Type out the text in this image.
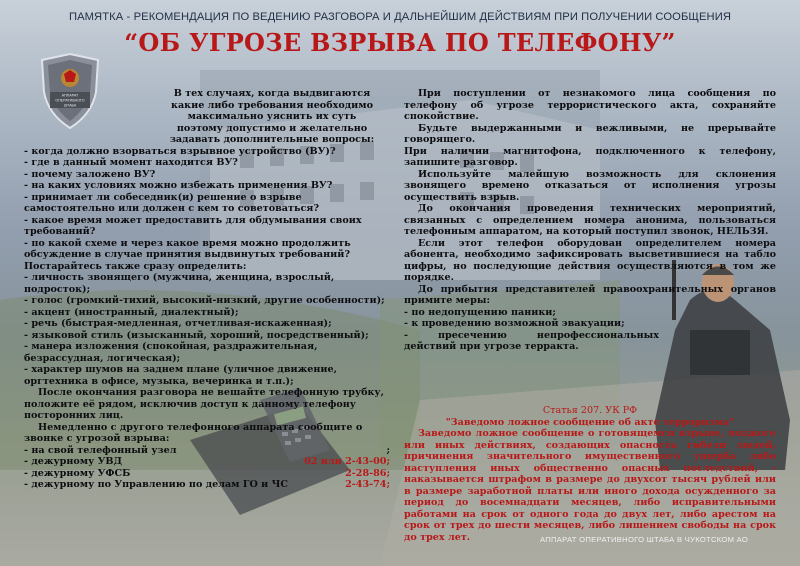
ПАМЯТКА - РЕКОМЕНДАЦИЯ ПО ВЕДЕНИЮ РАЗГОВОРА И ДАЛЬНЕЙШИМ ДЕЙСТВИЯМ ПРИ ПОЛУЧЕНИИ СООБЩЕНИЯ
“ОБ УГРОЗЕ ВЗРЫВА ПО ТЕЛЕФОНУ”
АППАРАТ
ОПЕРАТИВНОГО
ШТАБА

В тех случаях, когда выдвигаются

какие либо требования необходимо

максимально уяснить их суть

поэтому допустимо и желательно

задавать дополнительные вопросы:

- когда должно взорваться взрывное устройство (ВУ)?

- где в данный момент находится ВУ?

- почему заложено ВУ?

- на каких условиях можно избежать применения ВУ?

- принимает ли собеседник(и) решение о взрыве самостоятельно или должен с кем то советоваться?

- какое время может предоставить для обдумывания своих требований?

- по какой схеме и через какое время можно продолжить обсуждение в случае принятия выдвинутых требований?

Постарайтесь также сразу определить:

- личность звонящего (мужчина, женщина, взрослый, подросток);

- голос (громкий-тихий, высокий-низкий, другие особенности);

- акцент (иностранный, диалектный);

- речь (быстрая-медленная, отчетливая-искаженная);

- языковой стиль (изысканный, хороший, посредственный);

- манера изложения (спокойная, раздражительная, безрассудная, логическая);

- характер шумов на заднем плане (уличное движение, оргтехника в офисе, музыка, вечеринка и т.п.);

После окончания разговора не вешайте телефонную трубку, положите её рядом, исключив доступ к данному телефону посторонних лиц.

Немедленно с другого телефонного аппарата сообщите о звонке с угрозой взрыва:

- на свой телефонный узел	;
- дежурному УВД	02 или 2-43-00;
- дежурному УФСБ	2-28-86;
- дежурному по Управлению по делам ГО и ЧС	2-43-74;

При поступлении от незнакомого лица сообщения по телефону об угрозе террористического акта, сохраняйте спокойствие.

Будьте выдержанными и вежливыми, не прерывайте говорящего.

При наличии магнитофона, подключенного к телефону, запишите разговор.

Используйте малейшую возможность для склонения звонящего времено отказаться от исполнения угрозы осуществить взрыв.

До окончания проведения технических мероприятий, связанных с определением номера анонима, пользоваться телефонным аппаратом, на который поступил звонок, НЕЛЬЗЯ.

Если этот телефон оборудован определителем номера абонента, необходимо зафиксировать высветившиеся на табло цифры, но последующие действия осуществляются в том же порядке.

До прибытия представителей правоохранительных органов примите меры:

- по недопущению паники;

- к проведению возможной эвакуации;

- пресечению непрофессиональных действий при угрозе терракта.

Статья 207. УК РФ
"Заведомо ложное сообщение об акте терроризма"
Заведомо ложное сообщение о готовящемся взрыве, поджоге или иных действиях, создающих опасность гибели людей, причинения значительного имущественного ущерба либо наступления иных общественно опасных последствий, - наказывается штрафом в размере до двухсот тысяч рублей или в размере заработной платы или иного дохода осужденного за период до восемнадцати месяцев, либо исправительными работами на срок от одного года до двух лет, либо арестом на срок от трех до шести месяцев, либо лишением свободы на срок до трех лет.	АППАРАТ ОПЕРАТИВНОГО ШТАБА В ЧУКОТСКОМ АО
